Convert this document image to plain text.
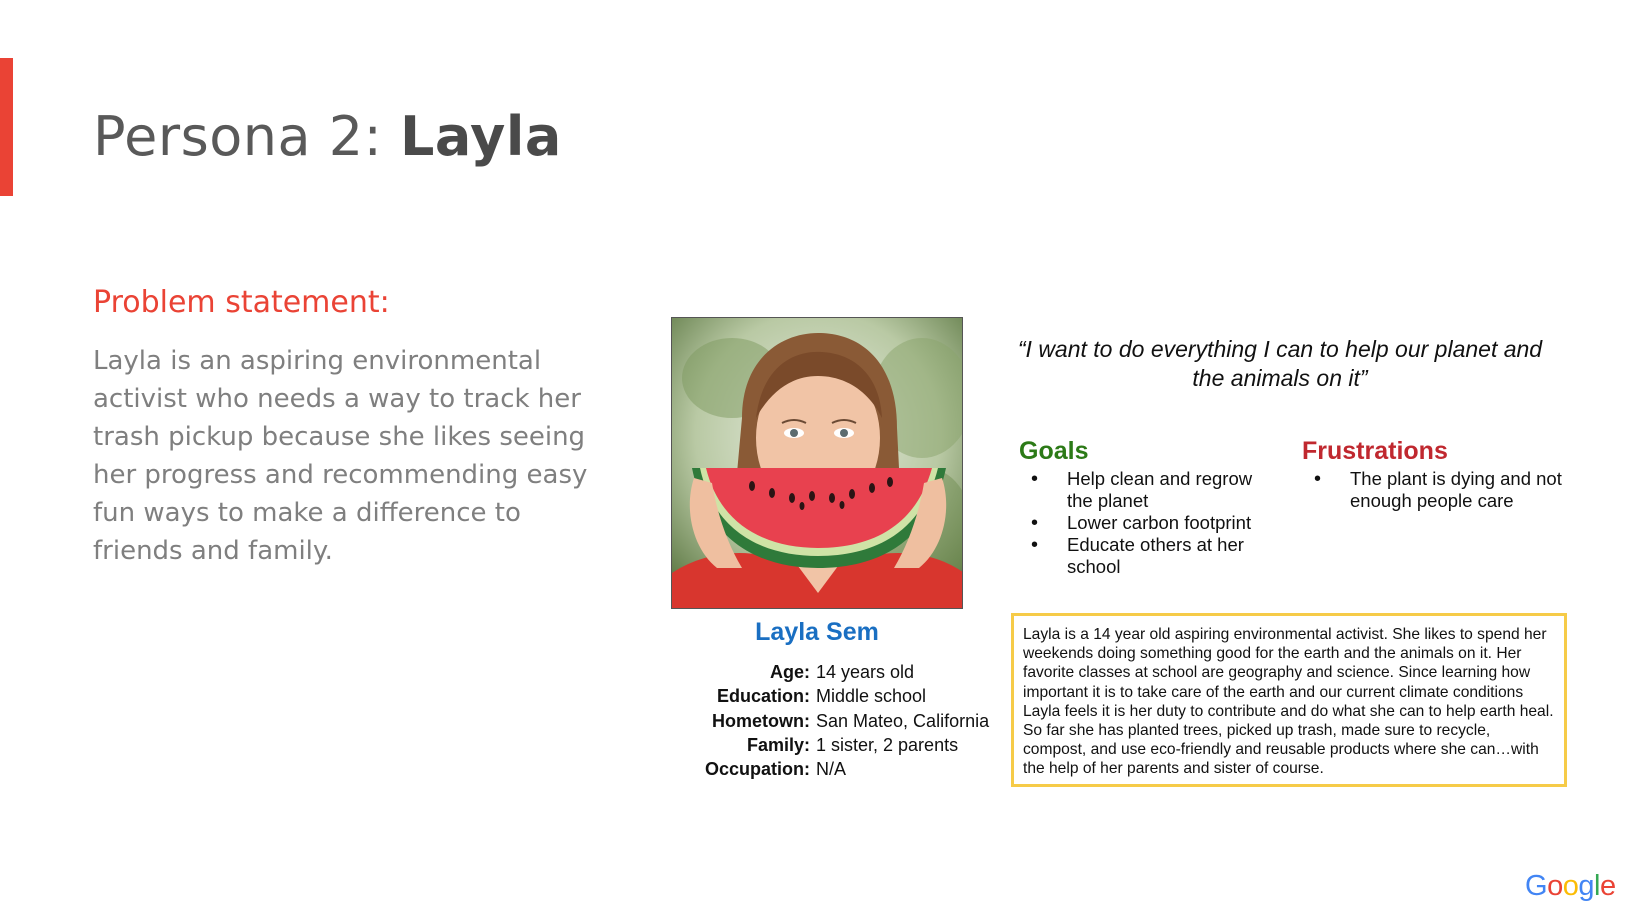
Persona 2: Layla
Problem statement:

Layla is an aspiring environmental activist who needs a way to track her trash pickup because she likes seeing her progress and recommending easy fun ways to make a difference to friends and family.

Layla Sem
Age: 14 years old
Education: Middle school
Hometown: San Mateo, California
Family: 1 sister, 2 parents
Occupation: N/A
“I want to do everything I can to help our planet and the animals on it”
Goals
• Help clean and regrow the planet
• Lower carbon footprint
• Educate others at her school
Frustrations
• The plant is dying and not enough people care
Layla is a 14 year old aspiring environmental activist. She likes to spend her weekends doing something good for the earth and the animals on it. Her favorite classes at school are geography and science. Since learning how important it is to take care of the earth and our current climate conditions Layla feels it is her duty to contribute and do what she can to help earth heal. So far she has planted trees, picked up trash, made sure to recycle, compost, and use eco-friendly and reusable products where she can…with the help of her parents and sister of course.
Google
